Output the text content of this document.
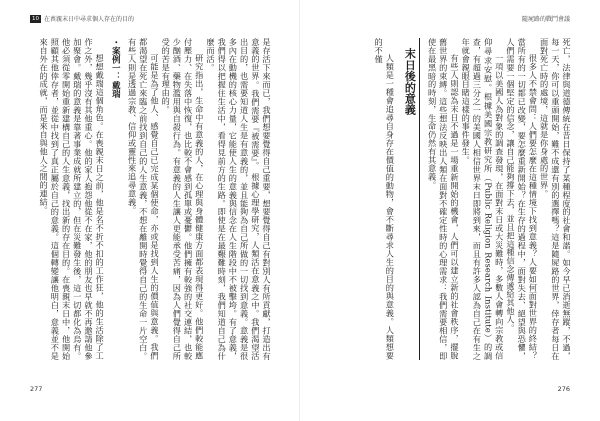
10 在喪親末日中尋求個人存在的目的

是存活下來而已，我們想要覺得自己重要，想要覺得自己有對別人有所貢獻，打造出有意義的世界。我們需要『被需要』。 根據心理學研究，人類活在意義之中。我們渴望活出目的，也需要知道人生是有意義的，並且能夠為自己所做的一切找到意義。意義是很多內在動機的核心力量，它能使人生的意義與信念在人生階段中不被擊垮。有了意義，我們得以把握住生活中，看得見前方的生路。即使是在最艱難時刻，我們知道自己為什麼而活。

研究指出，生命中有意義的人，在心理與身體健康方面都表現得更好。他們較能應付壓力、在失落中恢復，也比較不會感到孤單或憂鬱。他們擁有較強的社交連結，也較少酗酒、藥物濫用與自殺行為。有意義的人生讓人更能承受苦痛，因為人們覺得自己所受的苦是有理由的。

可能是為了他人、感覺自己已完成某個使命，亦或是找到人生的價值與意義。我們都渴望在死亡來臨之前找到自己的人生意義，不想在離開時覺得自己的生命一片空白。有些人則是透過宗教、信仰或靈性來追尋意義。

・案例一：戴瑞

想想戴瑞這個角色。在喪親末日之前，他是名不折不扣的工作狂，他的生活除了工作之外，幾乎沒有其他重心。他的家人抱怨他從不在家，他的朋友也早就不再邀請他參加聚會。戴瑞的意義是靠著事業成就所建立的，但在災難發生後，這一切都化為烏有。他必須從零開始重新建構自己的人生意義，找出新的存在目的。在喪親末日中，他開始照顧其他倖存者，並從中找到了真正屬於自己的意義。這個轉變讓他明白，意義並不是來自外在的成就，而是來自與他人之間的連結。

277
隨屍路的戰鬥會議

死亡，法律與道德傳統在昔日保持了某種程度的社會和諧。如今早已消逝無蹤，不過，每一天，你可以重頭開始，難不成還有別的選擇嗎？這是隨屍路的世界，倖存者每日在面對死亡時的處境，這就是你身處的世界。

很多人不禁會問：人們要怎麼在這種情境下找到意義？人要如何面對世界的終結？當所有的一切都已改變，要怎麼重新開始？在生存的過程中，面對失去、絕望與恐懼，人們需要一個堅定的信念，讓自己能夠撐下去，並且把這種信念傳遞給其他人。

一項以美國人為對象的調查發現，在面對末日或大災難時，多數人會轉向宗教或信仰尋求安慰。根據美國宗教研究所（Public Religion Research Institute）的調查，有超過三分之一的美國人相信世界末日即將到來，而且有許多人認為自己在有生之年就會親眼目睹這樣的事件發生。

有些人則認為末日不過是一場重新開始的機會，人們可以建立新的社會秩序，擺脫舊世界的束縛。這些想法反映出人類在面對不確定性時的心理需求：我們需要相信，即使在最黑暗的時刻，生命仍然有其意義。

末日後的意義

人類是一種會追尋自身存在價值的動物，會不斷尋求人生的目的與意義。人類想要的不僅

276
